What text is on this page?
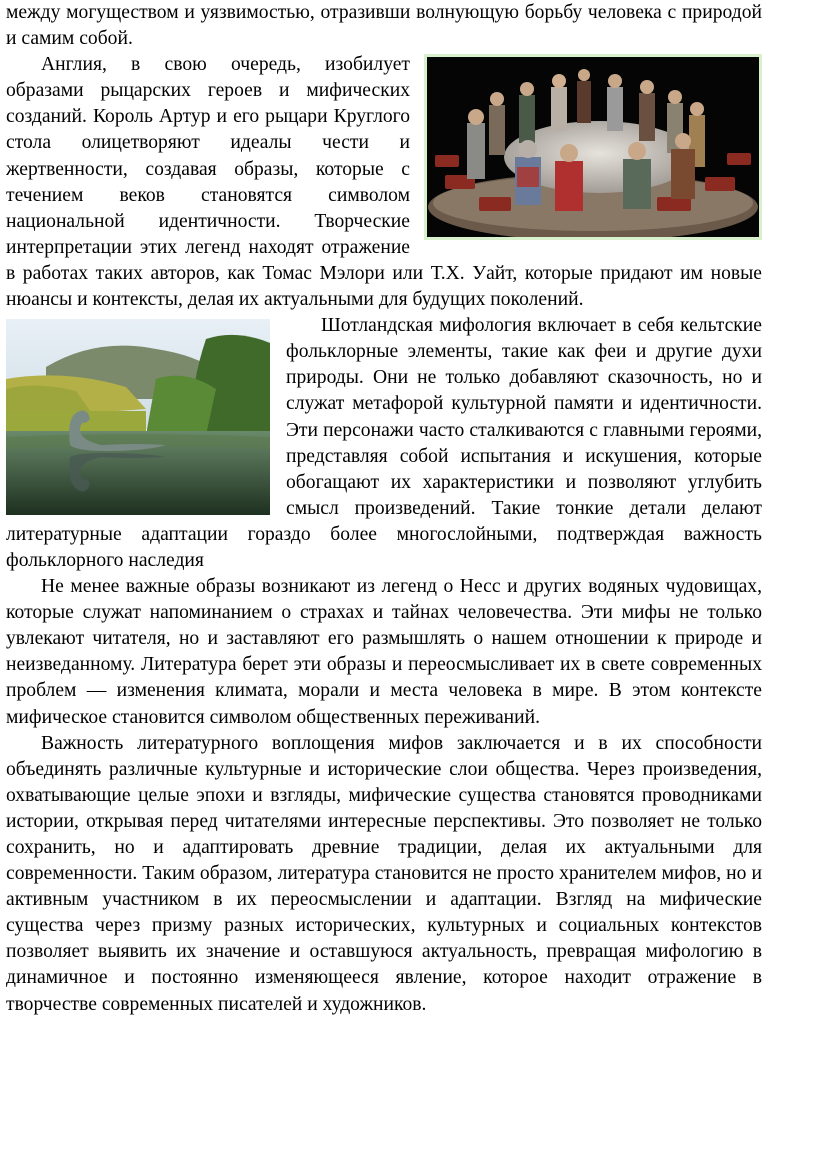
между могуществом и уязвимостью, отразивши волнующую борьбу человека с природой и самим собой.

Англия, в свою очередь, изобилует образами рыцарских героев и мифических созданий. Король Артур и его рыцари Круглого стола олицетворяют идеалы чести и жертвенности, создавая образы, которые с течением веков становятся символом национальной идентичности. Творческие интерпретации этих легенд находят отражение в работах таких авторов, как Томас Мэлори или Т.Х. Уайт, которые придают им новые нюансы и контексты, делая их актуальными для будущих поколений.

Шотландская мифология включает в себя кельтские фольклорные элементы, такие как феи и другие духи природы. Они не только добавляют сказочность, но и служат метафорой культурной памяти и идентичности. Эти персонажи часто сталкиваются с главными героями, представляя собой испытания и искушения, которые обогащают их характеристики и позволяют углубить смысл произведений. Такие тонкие детали делают литературные адаптации гораздо более многослойными, подтверждая важность фольклорного наследия

Не менее важные образы возникают из легенд о Несс и других водяных чудовищах, которые служат напоминанием о страхах и тайнах человечества. Эти мифы не только увлекают читателя, но и заставляют его размышлять о нашем отношении к природе и неизведанному. Литература берет эти образы и переосмысливает их в свете современных проблем — изменения климата, морали и места человека в мире. В этом контексте мифическое становится символом общественных переживаний.

Важность литературного воплощения мифов заключается и в их способности объединять различные культурные и исторические слои общества. Через произведения, охватывающие целые эпохи и взгляды, мифические существа становятся проводниками истории, открывая перед читателями интересные перспективы. Это позволяет не только сохранить, но и адаптировать древние традиции, делая их актуальными для современности. Таким образом, литература становится не просто хранителем мифов, но и активным участником в их переосмыслении и адаптации. Взгляд на мифические существа через призму разных исторических, культурных и социальных контекстов позволяет выявить их значение и оставшуюся актуальность, превращая мифологию в динамичное и постоянно изменяющееся явление, которое находит отражение в творчестве современных писателей и художников.
